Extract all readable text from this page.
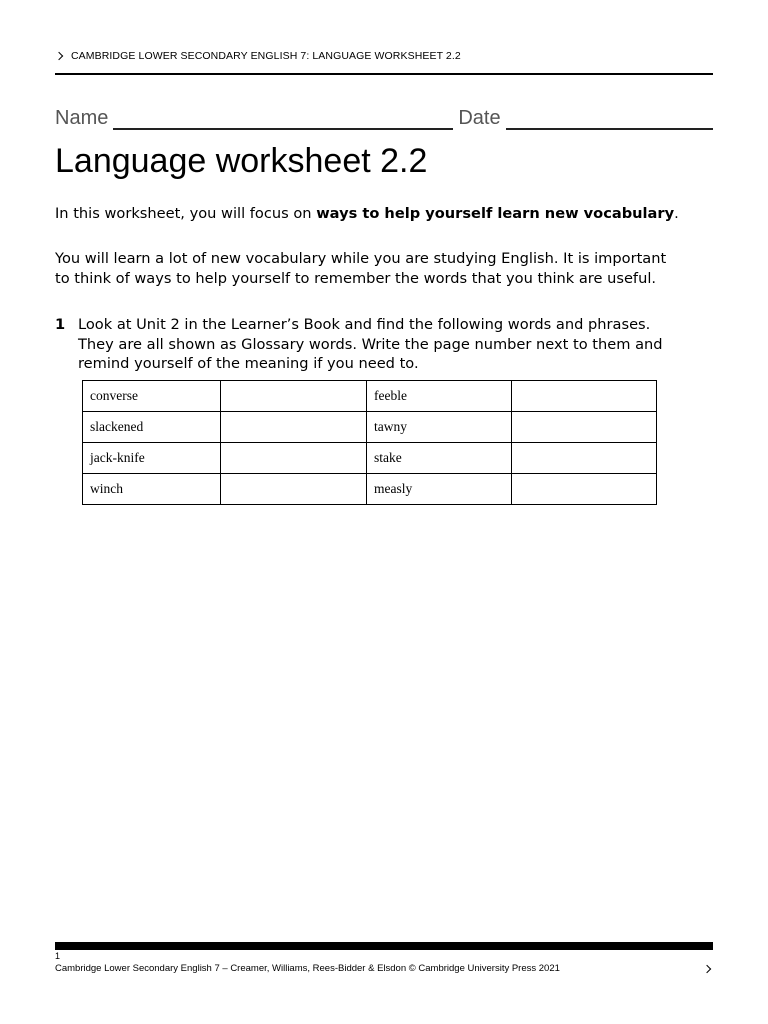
CAMBRIDGE LOWER SECONDARY ENGLISH 7: LANGUAGE WORKSHEET 2.2
Name	Date
Language worksheet 2.2

In this worksheet, you will focus on ways to help yourself learn new vocabulary.

You will learn a lot of new vocabulary while you are studying English. It is important to think of ways to help yourself to remember the words that you think are useful.

1 Look at Unit 2 in the Learner’s Book and find the following words and phrases. They are all shown as Glossary words. Write the page number next to them and remind yourself of the meaning if you need to.
converse		feeble	
slackened		tawny	
jack-knife		stake	
winch		measly	
1
Cambridge Lower Secondary English 7 – Creamer, Williams, Rees-Bidder & Elsdon © Cambridge University Press 2021
